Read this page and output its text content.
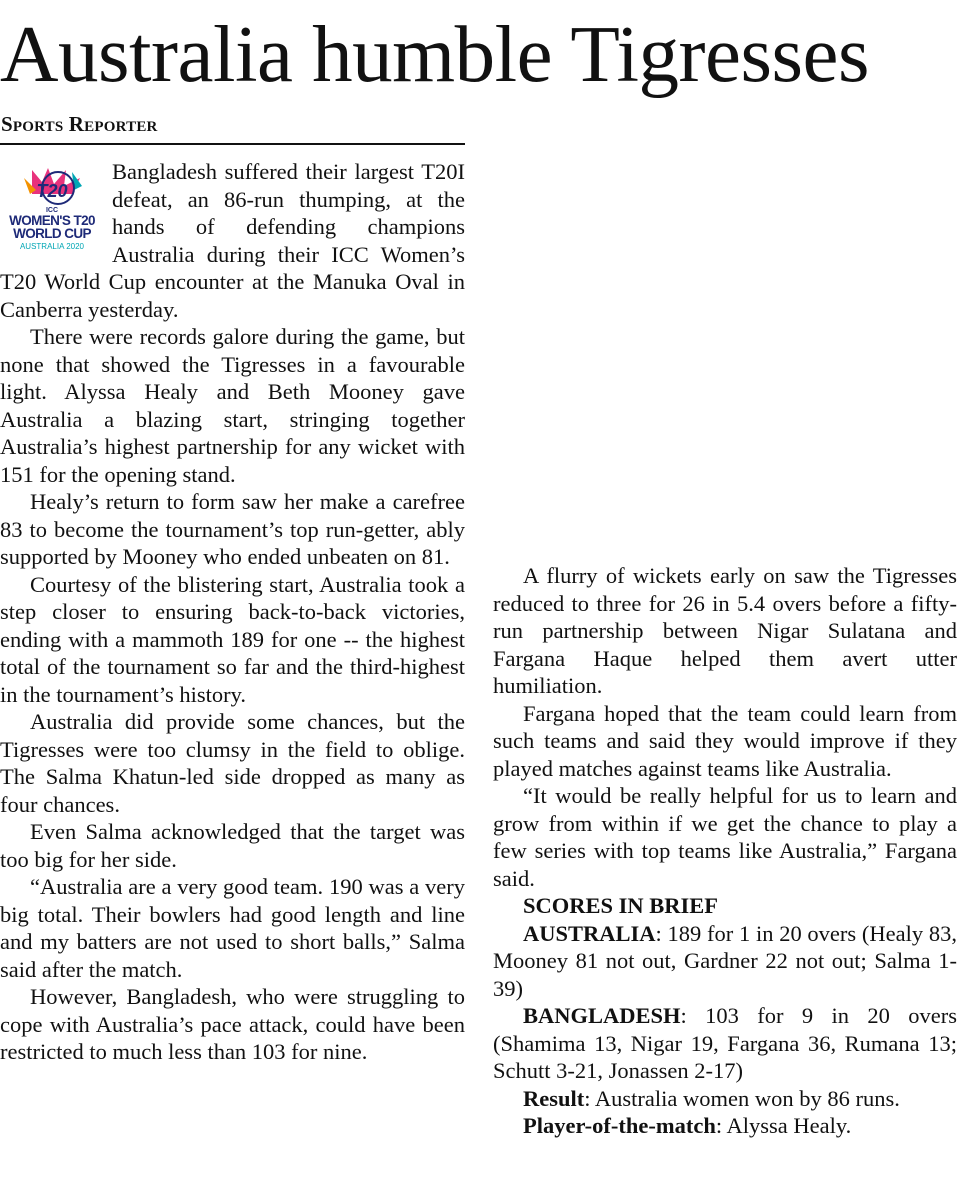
Australia humble Tigresses
Sports Reporter
T20
ICC
WOMEN'S T20
WORLD CUP
AUSTRALIA 2020

Bangladesh suffered their largest T20I defeat, an 86-run thumping, at the hands of defending champions Australia during their ICC Women’s T20 World Cup encounter at the Manuka Oval in Canberra yesterday.

There were records galore during the game, but none that showed the Tigresses in a favourable light. Alyssa Healy and Beth Mooney gave Australia a blazing start, stringing together Australia’s highest partnership for any wicket with 151 for the opening stand.

Healy’s return to form saw her make a carefree 83 to become the tournament’s top run-getter, ably supported by Mooney who ended unbeaten on 81.

Courtesy of the blistering start, Australia took a step closer to ensuring back-to-back victories, ending with a mammoth 189 for one -- the highest total of the tournament so far and the third-highest in the tournament’s history.

Australia did provide some chances, but the Tigresses were too clumsy in the field to oblige. The Salma Khatun-led side dropped as many as four chances.

Even Salma acknowledged that the target was too big for her side.

“Australia are a very good team. 190 was a very big total. Their bowlers had good length and line and my batters are not used to short balls,” Salma said after the match.

However, Bangladesh, who were struggling to cope with Australia’s pace attack, could have been restricted to much less than 103 for nine.

A flurry of wickets early on saw the Tigresses reduced to three for 26 in 5.4 overs before a fifty-run partnership between Nigar Sulatana and Fargana Haque helped them avert utter humiliation.

Fargana hoped that the team could learn from such teams and said they would improve if they played matches against teams like Australia.

“It would be really helpful for us to learn and grow from within if we get the chance to play a few series with top teams like Australia,” Fargana said.

SCORES IN BRIEF

AUSTRALIA: 189 for 1 in 20 overs (Healy 83, Mooney 81 not out, Gardner 22 not out; Salma 1-39)

BANGLADESH: 103 for 9 in 20 overs (Shamima 13, Nigar 19, Fargana 36, Rumana 13; Schutt 3-21, Jonassen 2-17)

Result: Australia women won by 86 runs.

Player-of-the-match: Alyssa Healy.
